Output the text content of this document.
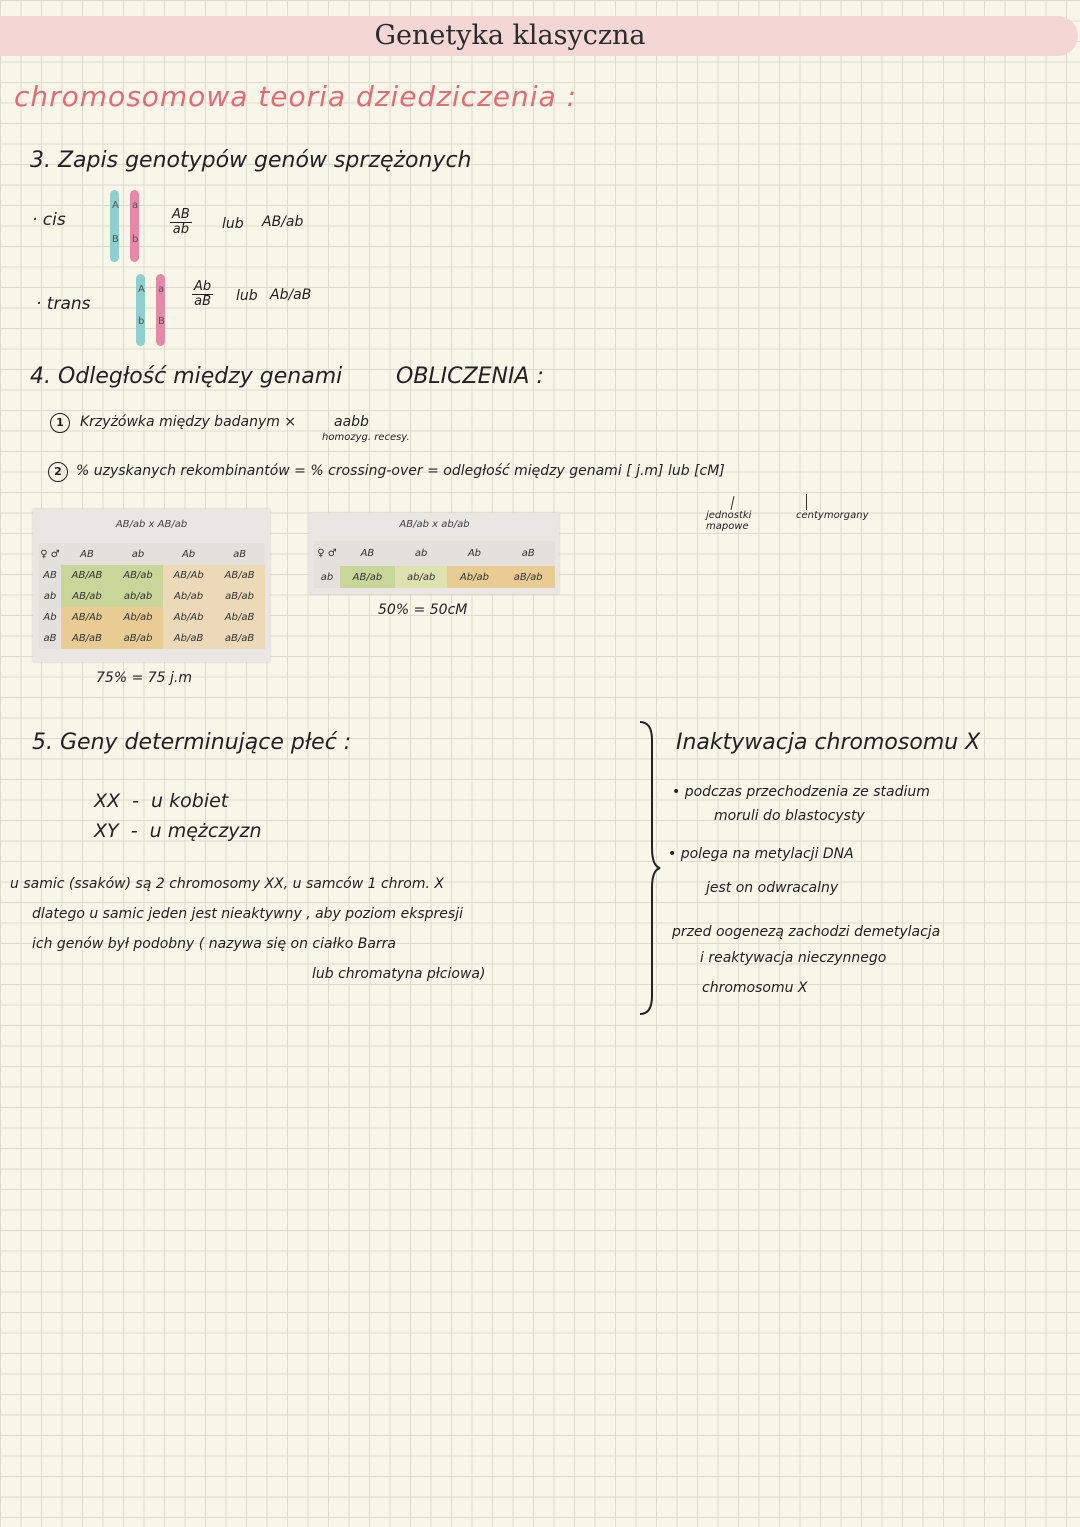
Genetyka klasyczna
chromosomowa teoria dziedziczenia :
3. Zapis genotypów genów sprzężonych
· cis
A
B
a
b
$\frac{AB}{ab}$ lub AB/ab
· trans
A
b
a
B
$\frac{Ab}{aB}$ lub Ab/aB
4. Odległość między genami OBLICZENIA :
1	Krzyżówka między badanym ×	aabb
homozyg. recesy.
2	% uzyskanych rekombinantów = % crossing-over = odległość między genami [ j.m] lub [cM]
jednostki mapowe
centymorgany
AB/ab x AB/ab
♀ ♂	AB	ab	Ab	aB
AB	AB/AB	AB/ab	AB/Ab	AB/aB
ab	AB/ab	ab/ab	Ab/ab	aB/ab
Ab	AB/Ab	Ab/ab	Ab/Ab	Ab/aB
aB	AB/aB	aB/ab	Ab/aB	aB/aB
75% = 75 j.m
AB/ab x ab/ab
♀ ♂	AB	ab	Ab	aB
ab	AB/ab	ab/ab	Ab/ab	aB/ab
50% = 50cM
5. Geny determinujące płeć :
XX  -  u kobiet
XY  -  u mężczyzn
u samic (ssaków) są 2 chromosomy XX, u samców 1 chrom. X
dlatego u samic jeden jest nieaktywny , aby poziom ekspresji
ich genów był podobny ( nazywa się on ciałko Barra
lub chromatyna płciowa)
Inaktywacja chromosomu X
• podczas przechodzenia ze stadium
moruli do blastocysty
• polega na metylacji DNA
jest on odwracalny
przed oogenezą zachodzi demetylacja
i reaktywacja nieczynnego
chromosomu X
